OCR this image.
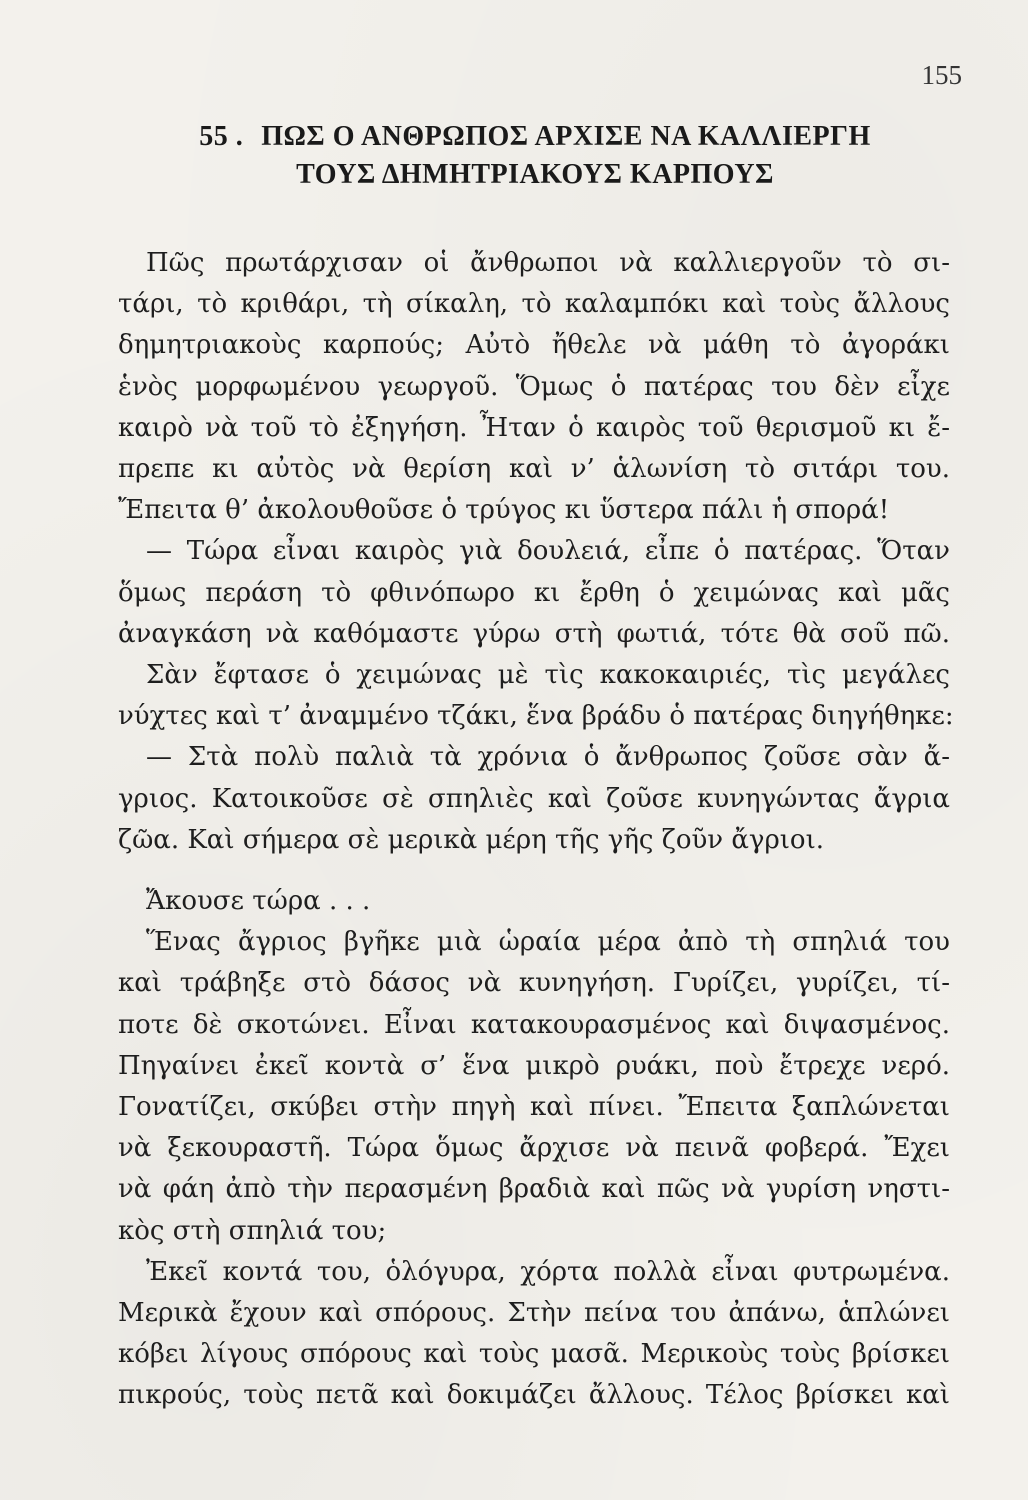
155
55 . ΠΩΣ Ο ΑΝΘΡΩΠΟΣ ΑΡΧΙΣΕ ΝΑ ΚΑΛΛΙΕΡΓΗ
ΤΟΥΣ ΔΗΜΗΤΡΙΑΚΟΥΣ ΚΑΡΠΟΥΣ
Πῶς πρωτάρχισαν οἱ ἄνθρωποι νὰ καλλιεργοῦν τὸ σι-
τάρι, τὸ κριθάρι, τὴ σίκαλη, τὸ καλαμπόκι καὶ τοὺς ἄλλους
δημητριακοὺς καρπούς; Αὐτὸ ἤθελε νὰ μάθη τὸ ἀγοράκι
ἑνὸς μορφωμένου γεωργοῦ. Ὅμως ὁ πατέρας του δὲν εἶχε
καιρὸ νὰ τοῦ τὸ ἐξηγήση. Ἦταν ὁ καιρὸς τοῦ θερισμοῦ κι ἔ-
πρεπε κι αὐτὸς νὰ θερίση καὶ ν’ ἁλωνίση τὸ σιτάρι του.
Ἔπειτα θ’ ἀκολουθοῦσε ὁ τρύγος κι ὕστερα πάλι ἡ σπορά!
— Τώρα εἶναι καιρὸς γιὰ δουλειά, εἶπε ὁ πατέρας. Ὅταν
ὅμως περάση τὸ φθινόπωρο κι ἔρθη ὁ χειμώνας καὶ μᾶς
ἀναγκάση νὰ καθόμαστε γύρω στὴ φωτιά, τότε θὰ σοῦ πῶ.
Σὰν ἔφτασε ὁ χειμώνας μὲ τὶς κακοκαιριές, τὶς μεγάλες
νύχτες καὶ τ’ ἀναμμένο τζάκι, ἕνα βράδυ ὁ πατέρας διηγήθηκε:
— Στὰ πολὺ παλιὰ τὰ χρόνια ὁ ἄνθρωπος ζοῦσε σὰν ἄ-
γριος. Κατοικοῦσε σὲ σπηλιὲς καὶ ζοῦσε κυνηγώντας ἄγρια
ζῶα. Καὶ σήμερα σὲ μερικὰ μέρη τῆς γῆς ζοῦν ἄγριοι.
Ἄκουσε τώρα . . .
Ἕνας ἄγριος βγῆκε μιὰ ὡραία μέρα ἀπὸ τὴ σπηλιά του
καὶ τράβηξε στὸ δάσος νὰ κυνηγήση. Γυρίζει, γυρίζει, τί-
ποτε δὲ σκοτώνει. Εἶναι κατακουρασμένος καὶ διψασμένος.
Πηγαίνει ἐκεῖ κοντὰ σ’ ἕνα μικρὸ ρυάκι, ποὺ ἔτρεχε νερό.
Γονατίζει, σκύβει στὴν πηγὴ καὶ πίνει. Ἔπειτα ξαπλώνεται
νὰ ξεκουραστῆ. Τώρα ὅμως ἄρχισε νὰ πεινᾶ φοβερά. Ἔχει
νὰ φάη ἀπὸ τὴν περασμένη βραδιὰ καὶ πῶς νὰ γυρίση νηστι-
κὸς στὴ σπηλιά του;
Ἐκεῖ κοντά του, ὁλόγυρα, χόρτα πολλὰ εἶναι φυτρωμένα.
Μερικὰ ἔχουν καὶ σπόρους. Στὴν πείνα του ἀπάνω, ἁπλώνει
κόβει λίγους σπόρους καὶ τοὺς μασᾶ. Μερικοὺς τοὺς βρίσκει
πικρούς, τοὺς πετᾶ καὶ δοκιμάζει ἄλλους. Τέλος βρίσκει καὶ
